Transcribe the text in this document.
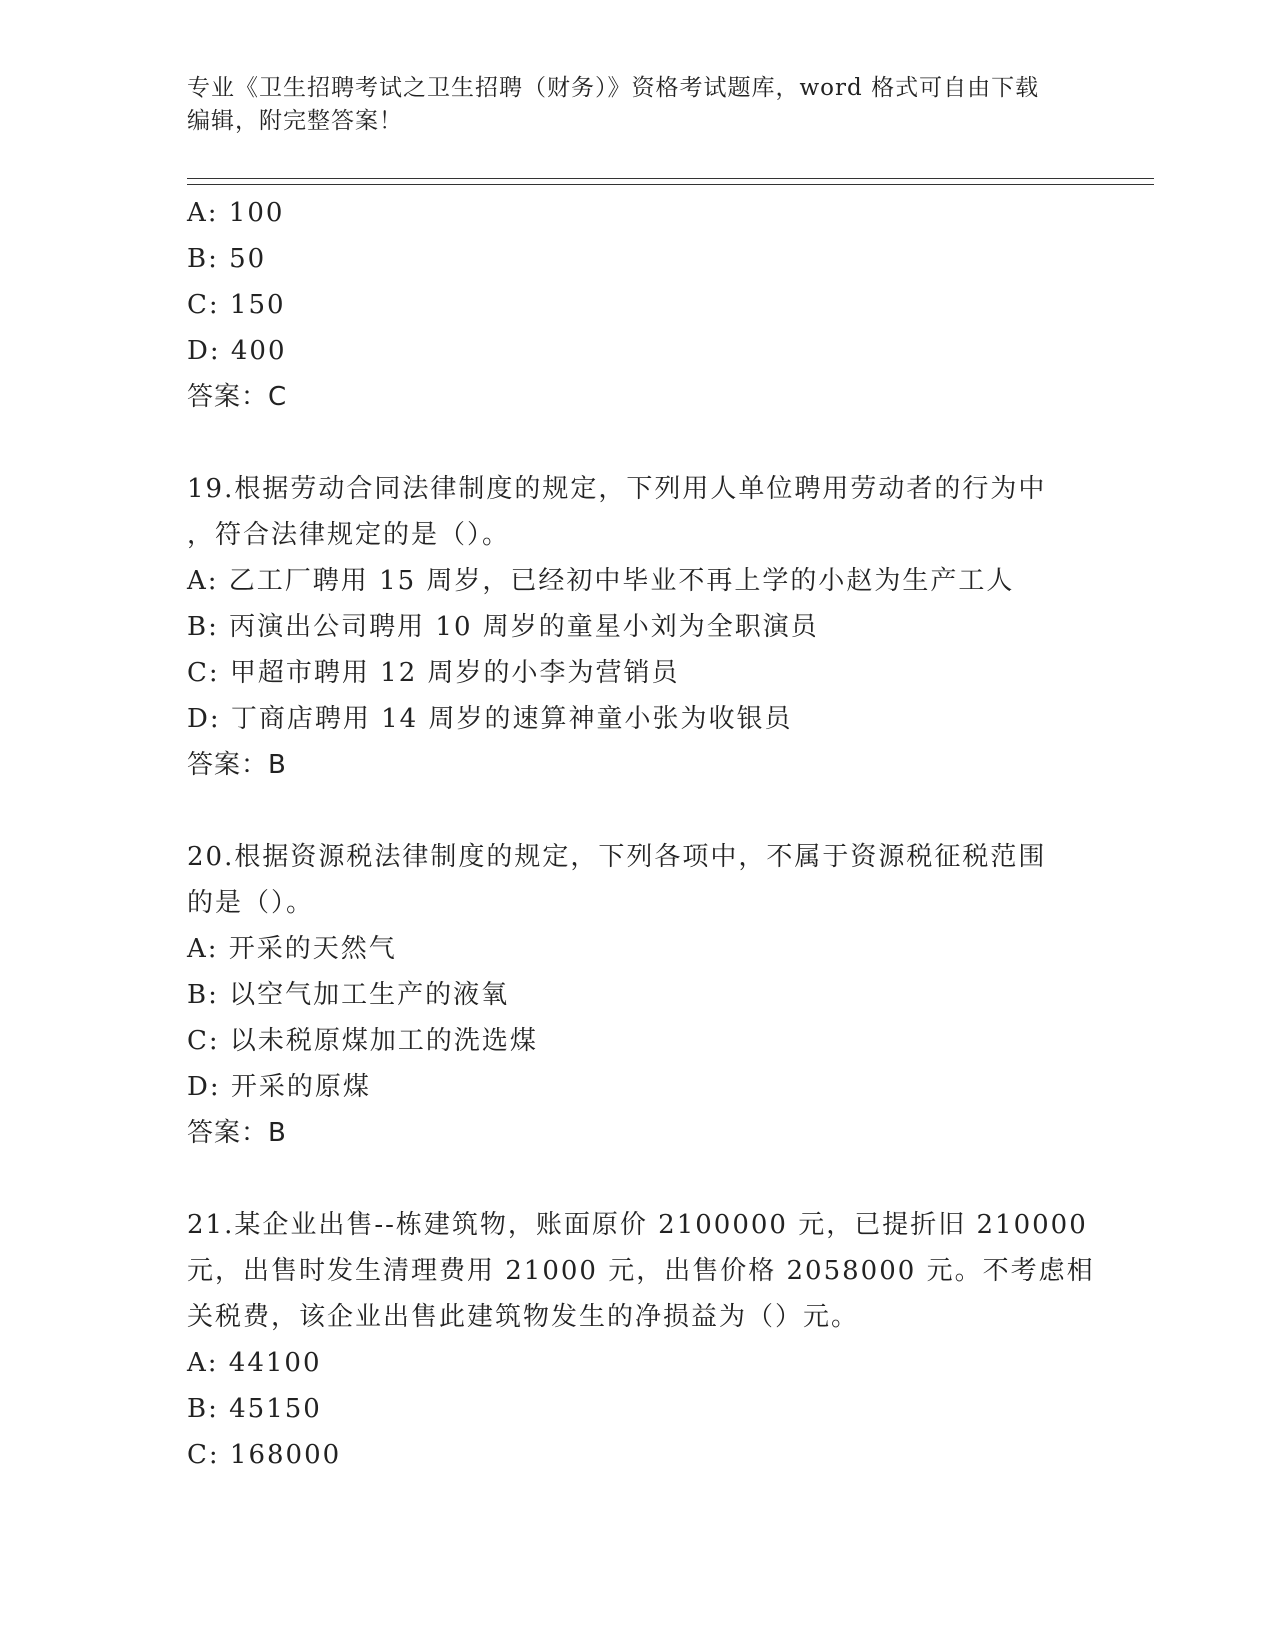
专业《卫生招聘考试之卫生招聘（财务）》资格考试题库，word 格式可自由下载
编辑，附完整答案！
A: 100
B: 50
C: 150
D: 400
答案：C
19.根据劳动合同法律制度的规定，下列用人单位聘用劳动者的行为中
，符合法律规定的是（）。
A: 乙工厂聘用 15 周岁，已经初中毕业不再上学的小赵为生产工人
B: 丙演出公司聘用 10 周岁的童星小刘为全职演员
C: 甲超市聘用 12 周岁的小李为营销员
D: 丁商店聘用 14 周岁的速算神童小张为收银员
答案：B
20.根据资源税法律制度的规定，下列各项中，不属于资源税征税范围
的是（）。
A: 开采的天然气
B: 以空气加工生产的液氧
C: 以未税原煤加工的洗选煤
D: 开采的原煤
答案：B
21.某企业出售--栋建筑物，账面原价 2100000 元，已提折旧 210000
元，出售时发生清理费用 21000 元，出售价格 2058000 元。不考虑相
关税费，该企业出售此建筑物发生的净损益为（）元。
A: 44100
B: 45150
C: 168000
